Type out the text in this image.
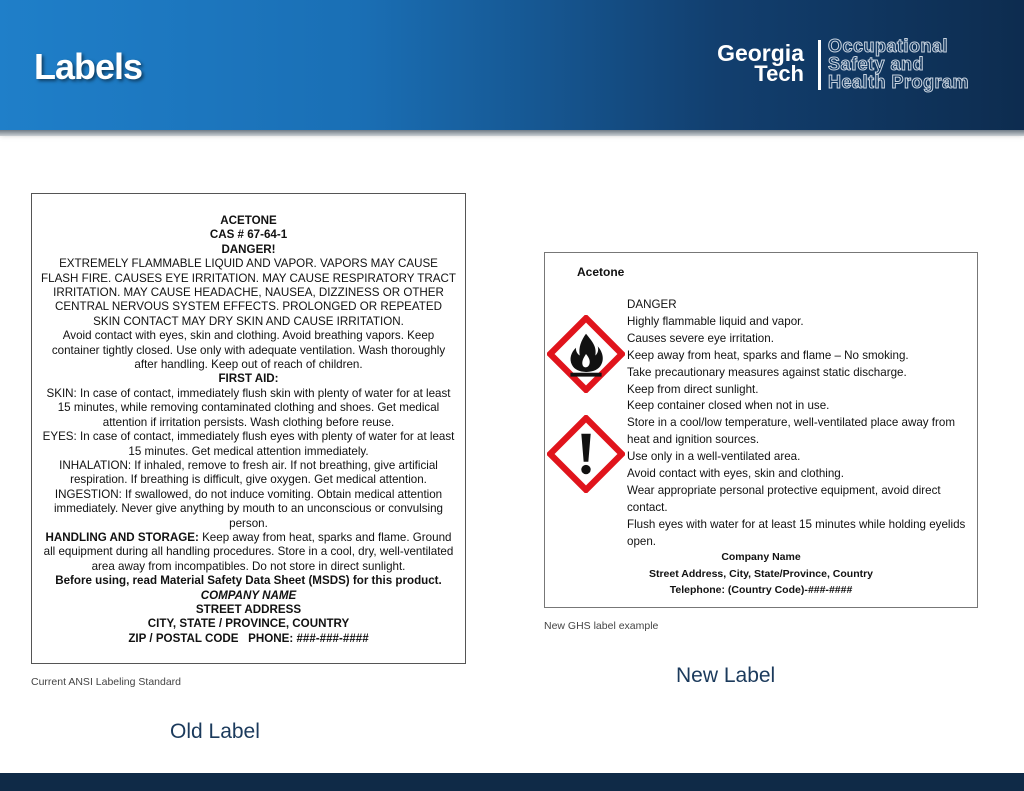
Labels	Georgia
Tech
Occupational
Safety and
Health Program

ACETONE

CAS # 67-64-1

DANGER!

EXTREMELY FLAMMABLE LIQUID AND VAPOR. VAPORS MAY CAUSE FLASH FIRE. CAUSES EYE IRRITATION. MAY CAUSE RESPIRATORY TRACT IRRITATION. MAY CAUSE HEADACHE, NAUSEA, DIZZINESS OR OTHER CENTRAL NERVOUS SYSTEM EFFECTS. PROLONGED OR REPEATED SKIN CONTACT MAY DRY SKIN AND CAUSE IRRITATION.

Avoid contact with eyes, skin and clothing. Avoid breathing vapors. Keep container tightly closed. Use only with adequate ventilation. Wash thoroughly after handling. Keep out of reach of children.

FIRST AID:

SKIN: In case of contact, immediately flush skin with plenty of water for at least 15 minutes, while removing contaminated clothing and shoes. Get medical attention if irritation persists. Wash clothing before reuse.

EYES: In case of contact, immediately flush eyes with plenty of water for at least 15 minutes. Get medical attention immediately.

INHALATION: If inhaled, remove to fresh air. If not breathing, give artificial respiration. If breathing is difficult, give oxygen. Get medical attention.

INGESTION: If swallowed, do not induce vomiting. Obtain medical attention immediately. Never give anything by mouth to an unconscious or convulsing person.

HANDLING AND STORAGE: Keep away from heat, sparks and flame. Ground all equipment during all handling procedures. Store in a cool, dry, well-ventilated area away from incompatibles. Do not store in direct sunlight.

Before using, read Material Safety Data Sheet (MSDS) for this product.

COMPANY NAME

STREET ADDRESS

CITY, STATE / PROVINCE, COUNTRY

ZIP / POSTAL CODE   PHONE: ###-###-####

Current ANSI Labeling Standard
Acetone

DANGER

Highly flammable liquid and vapor.

Causes severe eye irritation.

Keep away from heat, sparks and flame – No smoking.

Take precautionary measures against static discharge.

Keep from direct sunlight.

Keep container closed when not in use.

Store in a cool/low temperature, well-ventilated place away from heat and ignition sources.

Use only in a well-ventilated area.

Avoid contact with eyes, skin and clothing.

Wear appropriate personal protective equipment, avoid direct contact.

Flush eyes with water for at least 15 minutes while holding eyelids open.

Company Name
Street Address, City, State/Province, Country
Telephone: (Country Code)-###-####
New GHS label example
New Label
Old Label
